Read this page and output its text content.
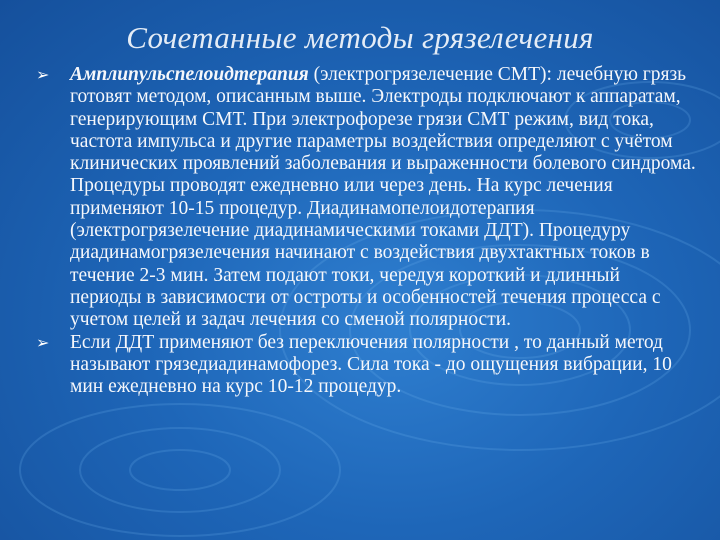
Сочетанные методы грязелечения
➢	Амплипульспелоидтерапия (электрогрязелечение СМТ): лечебную грязь готовят методом, описанным выше. Электроды подключают к аппаратам, генерирующим СМТ. При электрофорезе грязи СМТ режим, вид тока, частота импульса и другие параметры воздействия определяют с учётом клинических проявлений заболевания и выраженности болевого синдрома. Процедуры проводят ежедневно или через день. На курс лечения применяют 10-15 процедур. Диадинамопелоидотерапия (электрогрязелечение диадинамическими токами ДДТ). Процедуру диадинамогрязелечения начинают с воздействия двухтактных токов в течение 2-3 мин. Затем подают токи, чередуя короткий и длинный периоды в зависимости от остроты и особенностей течения процесса с учетом целей и задач лечения со сменой полярности.
➢	Если ДДТ применяют без переключения полярности , то данный метод называют грязедиадинамофорез. Сила тока - до ощущения вибрации, 10 мин ежедневно на курс 10-12 процедур.
